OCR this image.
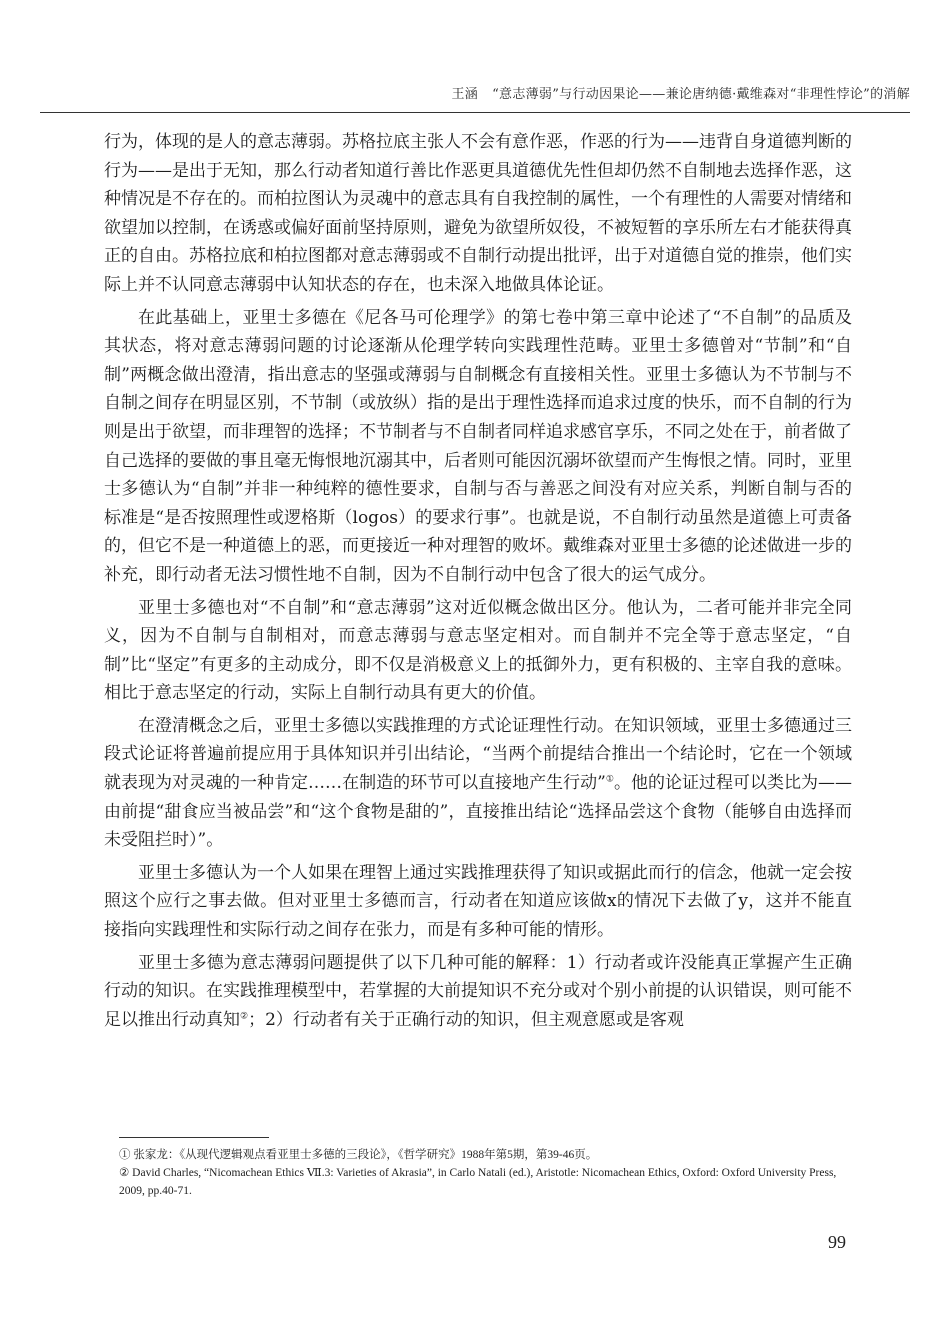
王涵 “意志薄弱”与行动因果论——兼论唐纳德·戴维森对“非理性悖论”的消解

行为，体现的是人的意志薄弱。苏格拉底主张人不会有意作恶，作恶的行为——违背自身道德判断的行为——是出于无知，那么行动者知道行善比作恶更具道德优先性但却仍然不自制地去选择作恶，这种情况是不存在的。而柏拉图认为灵魂中的意志具有自我控制的属性，一个有理性的人需要对情绪和欲望加以控制，在诱惑或偏好面前坚持原则，避免为欲望所奴役，不被短暂的享乐所左右才能获得真正的自由。苏格拉底和柏拉图都对意志薄弱或不自制行动提出批评，出于对道德自觉的推崇，他们实际上并不认同意志薄弱中认知状态的存在，也未深入地做具体论证。

在此基础上，亚里士多德在《尼各马可伦理学》的第七卷中第三章中论述了“不自制”的品质及其状态，将对意志薄弱问题的讨论逐渐从伦理学转向实践理性范畴。亚里士多德曾对“节制”和“自制”两概念做出澄清，指出意志的坚强或薄弱与自制概念有直接相关性。亚里士多德认为不节制与不自制之间存在明显区别，不节制（或放纵）指的是出于理性选择而追求过度的快乐，而不自制的行为则是出于欲望，而非理智的选择；不节制者与不自制者同样追求感官享乐，不同之处在于，前者做了自己选择的要做的事且毫无悔恨地沉溺其中，后者则可能因沉溺坏欲望而产生悔恨之情。同时，亚里士多德认为“自制”并非一种纯粹的德性要求，自制与否与善恶之间没有对应关系，判断自制与否的标准是“是否按照理性或逻格斯（logos）的要求行事”。也就是说，不自制行动虽然是道德上可责备的，但它不是一种道德上的恶，而更接近一种对理智的败坏。戴维森对亚里士多德的论述做进一步的补充，即行动者无法习惯性地不自制，因为不自制行动中包含了很大的运气成分。

亚里士多德也对“不自制”和“意志薄弱”这对近似概念做出区分。他认为，二者可能并非完全同义，因为不自制与自制相对，而意志薄弱与意志坚定相对。而自制并不完全等于意志坚定，“自制”比“坚定”有更多的主动成分，即不仅是消极意义上的抵御外力，更有积极的、主宰自我的意味。相比于意志坚定的行动，实际上自制行动具有更大的价值。

在澄清概念之后，亚里士多德以实践推理的方式论证理性行动。在知识领域，亚里士多德通过三段式论证将普遍前提应用于具体知识并引出结论，“当两个前提结合推出一个结论时，它在一个领域就表现为对灵魂的一种肯定……在制造的环节可以直接地产生行动”①。他的论证过程可以类比为——由前提“甜食应当被品尝”和“这个食物是甜的”，直接推出结论“选择品尝这个食物（能够自由选择而未受阻拦时）”。

亚里士多德认为一个人如果在理智上通过实践推理获得了知识或据此而行的信念，他就一定会按照这个应行之事去做。但对亚里士多德而言，行动者在知道应该做x的情况下去做了y，这并不能直接指向实践理性和实际行动之间存在张力，而是有多种可能的情形。

亚里士多德为意志薄弱问题提供了以下几种可能的解释：1）行动者或许没能真正掌握产生正确行动的知识。在实践推理模型中，若掌握的大前提知识不充分或对个别小前提的认识错误，则可能不足以推出行动真知②；2）行动者有关于正确行动的知识，但主观意愿或是客观

① 张家龙：《从现代逻辑观点看亚里士多德的三段论》，《哲学研究》1988年第5期，第39-46页。

② David Charles, “Nicomachean Ethics Ⅶ.3: Varieties of Akrasia”, in Carlo Natali (ed.), Aristotle: Nicomachean Ethics, Oxford: Oxford University Press, 2009, pp.40-71.

99
